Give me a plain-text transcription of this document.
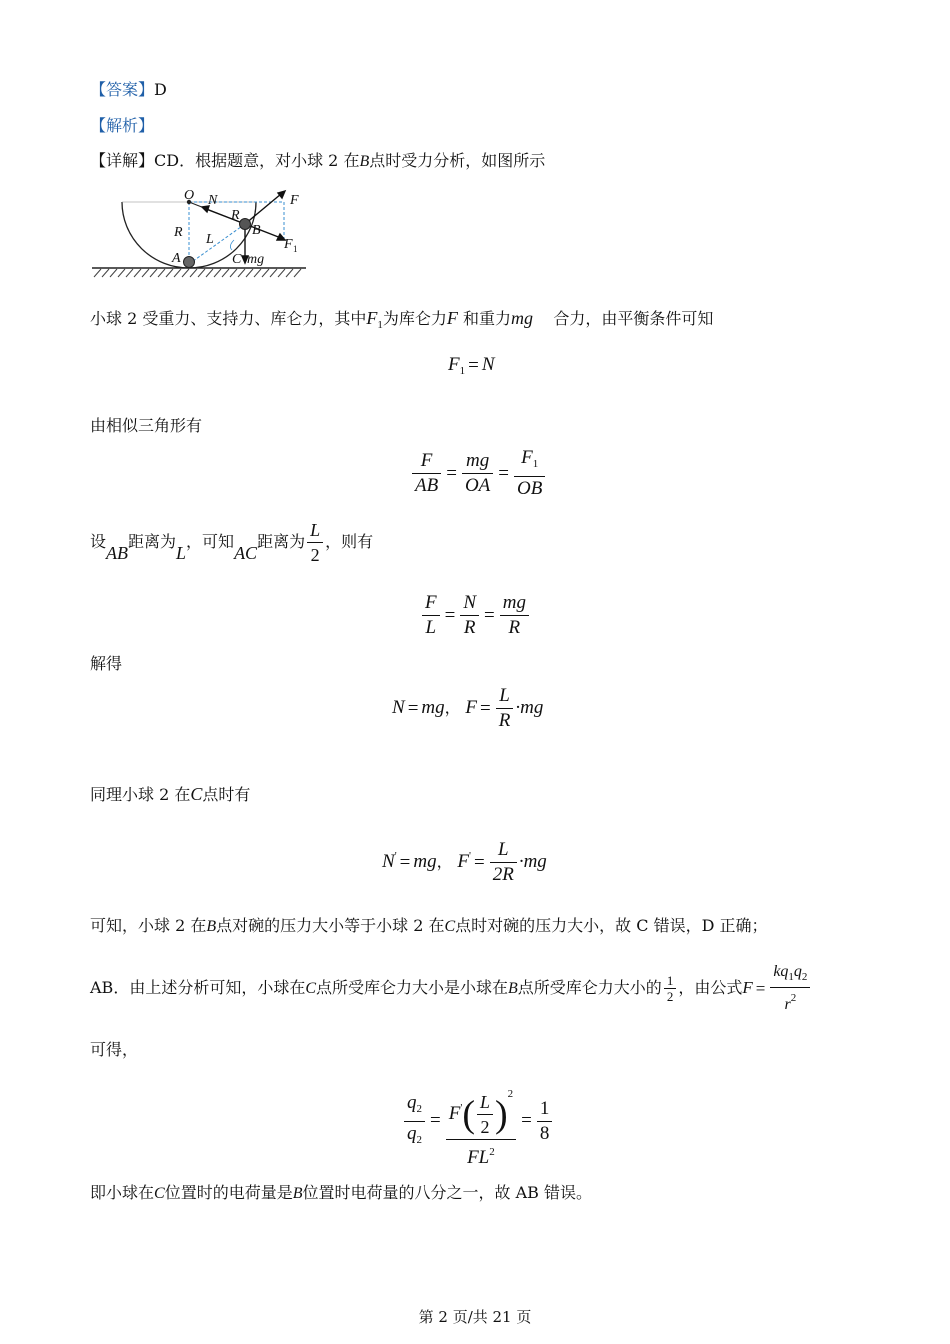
【答案】D
【解析】
【详解】CD．根据题意，对小球 2 在B点时受力分析，如图所示
O N	F
R
B
R L	F 1
A	C mg
小球 2 受重力、支持力、库仑力，其中$F_1$为库仑力F 和重力mg 合力，由平衡条件可知
$F_1 = N$
由相似三角形有
$\frac{F}{AB} = \frac{mg}{OA} = \frac{F_1}{OB}$
设AB距离为L，可知AC距离为 $\frac{L}{2}$ ，则有
$\frac{F}{L} = \frac{N}{R} = \frac{mg}{R}$
解得
N = mg， $F = \frac{L}{R} \cdot mg$
同理小球 2 在C点时有
N' = mg， $F' = \frac{L}{2R} \cdot mg$
可知，小球 2 在B点对碗的压力大小等于小球 2 在C点时对碗的压力大小，故 C 错误，D 正确；
AB．由上述分析可知，小球在C点所受库仑力大小是小球在B点所受库仑力大小的 $\frac{1}{2}$ ，由公式$F = \frac{kq_1q_2}{r^2}$
可得，
$\frac{q_2}{q_2} = \frac{F'( \frac{L}{2} )^2}{FL^2} = \frac{1}{8}$
即小球在C位置时的电荷量是B位置时电荷量的八分之一，故 AB 错误。
第 2 页/共 21 页
